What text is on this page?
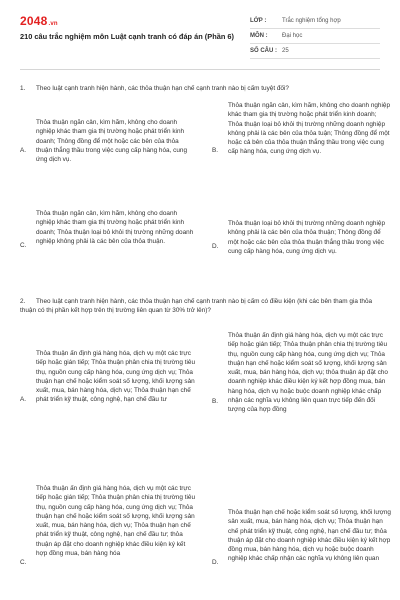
2048.vn
210 câu trắc nghiệm môn Luật cạnh tranh có đáp án (Phần 6)
LỚP :	Trắc nghiệm tổng hợp
MÔN :	Đại học
SỐ CÂU : 25
1. Theo luật cạnh tranh hiện hành, các thỏa thuận hạn chế cạnh tranh nào bị cấm tuyệt đối?
A.
Thỏa thuận ngăn cản, kìm hãm, không cho doanh nghiệp khác tham gia thị trường hoặc phát triển kinh doanh; Thông đồng để một hoặc các bên của thỏa thuận thắng thầu trong việc cung cấp hàng hóa, cung ứng dịch vụ.
B.
Thỏa thuận ngăn cản, kìm hãm, không cho doanh nghiệp khác tham gia thị trường hoặc phát triển kinh doanh; Thỏa thuận loại bỏ khỏi thị trường những doanh nghiệp không phải là các bên của thỏa tuận; Thông đồng để một hoặc cả bên của thỏa thuận thắng thầu trong việc cung cấp hàng hóa, cung ứng dịch vụ.
C.
Thỏa thuận ngăn cản, kìm hãm, không cho doanh nghiệp khác tham gia thị trường hoặc phát triển kinh doanh; Thỏa thuận loại bỏ khỏi thị trường những doanh nghiệp không phải là các bên của thỏa thuận.
D.
Thỏa thuận loại bỏ khỏi thị trường những doanh nghiệp không phải là các bên của thỏa thuận; Thông đồng để một hoặc các bên của thỏa thuận thắng thầu trong việc cung cấp hàng hóa, cung ứng dịch vụ.
2. Theo luật cạnh tranh hiện hành, các thỏa thuận hạn chế cạnh tranh nào bị cấm có điều kiện (khi các bên tham gia thỏa thuận có thị phần kết hợp trên thị trường liên quan từ 30% trở lên)?
A.
Thỏa thuận ấn định giá hàng hóa, dịch vụ một các trực tiếp hoặc gián tiếp; Thỏa thuận phân chia thị trường tiêu thụ, nguồn cung cấp hàng hóa, cung ứng dịch vụ; Thỏa thuận hạn chế hoặc kiểm soát số lượng, khối lượng sản xuất, mua, bán hàng hóa, dịch vụ; Thỏa thuận hạn chế phát triển kỹ thuật, công nghệ, hạn chế đầu tư	B.
Thỏa thuận ấn định giá hàng hóa, dịch vụ một các trực tiếp hoặc gián tiếp; Thỏa thuận phân chia thị trường tiêu thụ, nguồn cung cấp hàng hóa, cung ứng dịch vụ; Thỏa thuận hạn chế hoặc kiểm soát số lượng, khối lượng sản xuất, mua, bán hàng hóa, dịch vụ; thỏa thuận áp đặt cho doanh nghiệp khác điều kiện ký kết hợp đồng mua, bán hàng hóa, dịch vụ hoặc buộc doanh nghiệp khác chấp nhận các nghĩa vụ không liên quan trực tiếp đến đối tượng của hợp đồng
C.
Thỏa thuận ấn định giá hàng hóa, dịch vụ một các trực tiếp hoặc gián tiếp; Thỏa thuận phân chia thị trường tiêu thụ, nguồn cung cấp hàng hóa, cung ứng dịch vụ; Thỏa thuận hạn chế hoặc kiểm soát số lượng, khối lượng sản xuất, mua, bán hàng hóa, dịch vụ; Thỏa thuận hạn chế phát triển kỹ thuật, công nghệ, hạn chế đầu tư; thỏa thuận áp đặt cho doanh nghiệp khác điều kiện ký kết hợp đồng mua, bán hàng hóa
D.
Thỏa thuận hạn chế hoặc kiểm soát số lượng, khối lượng sản xuất, mua, bán hàng hóa, dịch vụ; Thỏa thuận hạn chế phát triển kỹ thuật, công nghệ, hạn chế đầu tư; thỏa thuận áp đặt cho doanh nghiệp khác điều kiện ký kết hợp đồng mua, bán hàng hóa, dịch vụ hoặc buộc doanh nghiệp khác chấp nhận các nghĩa vụ không liên quan
